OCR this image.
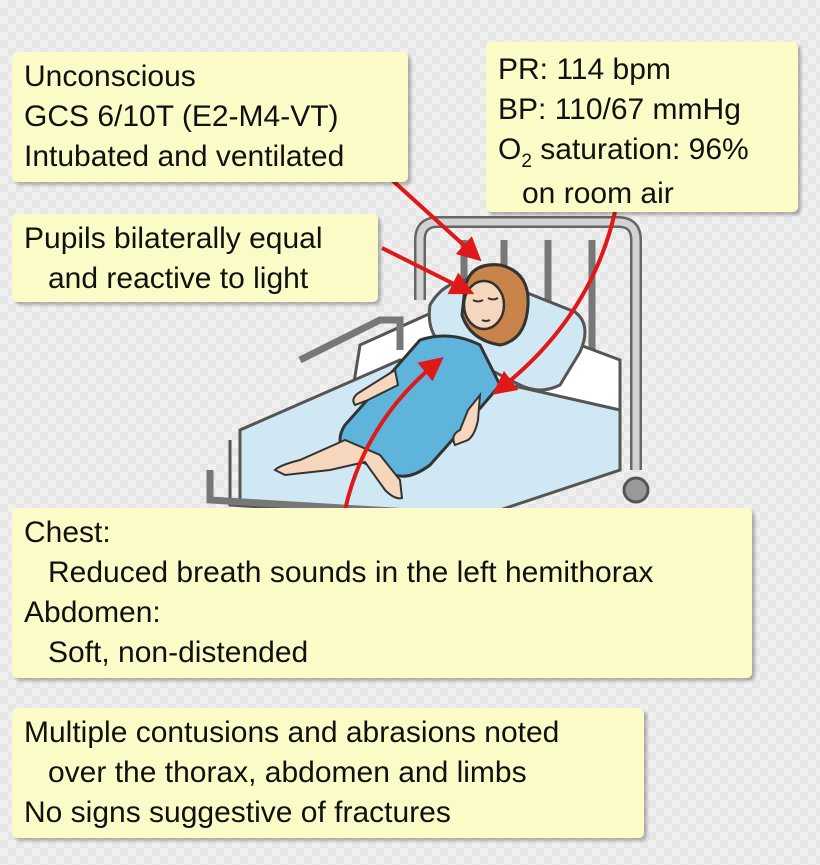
Unconscious
GCS 6/10T (E2-M4-VT)
Intubated and ventilated
PR: 114 bpm
BP: 110/67 mmHg
$O_2$ saturation: 96%
on room air
Pupils bilaterally equal
and reactive to light
Chest:
Reduced breath sounds in the left hemithorax
Abdomen:
Soft, non-distended
Multiple contusions and abrasions noted
over the thorax, abdomen and limbs
No signs suggestive of fractures
